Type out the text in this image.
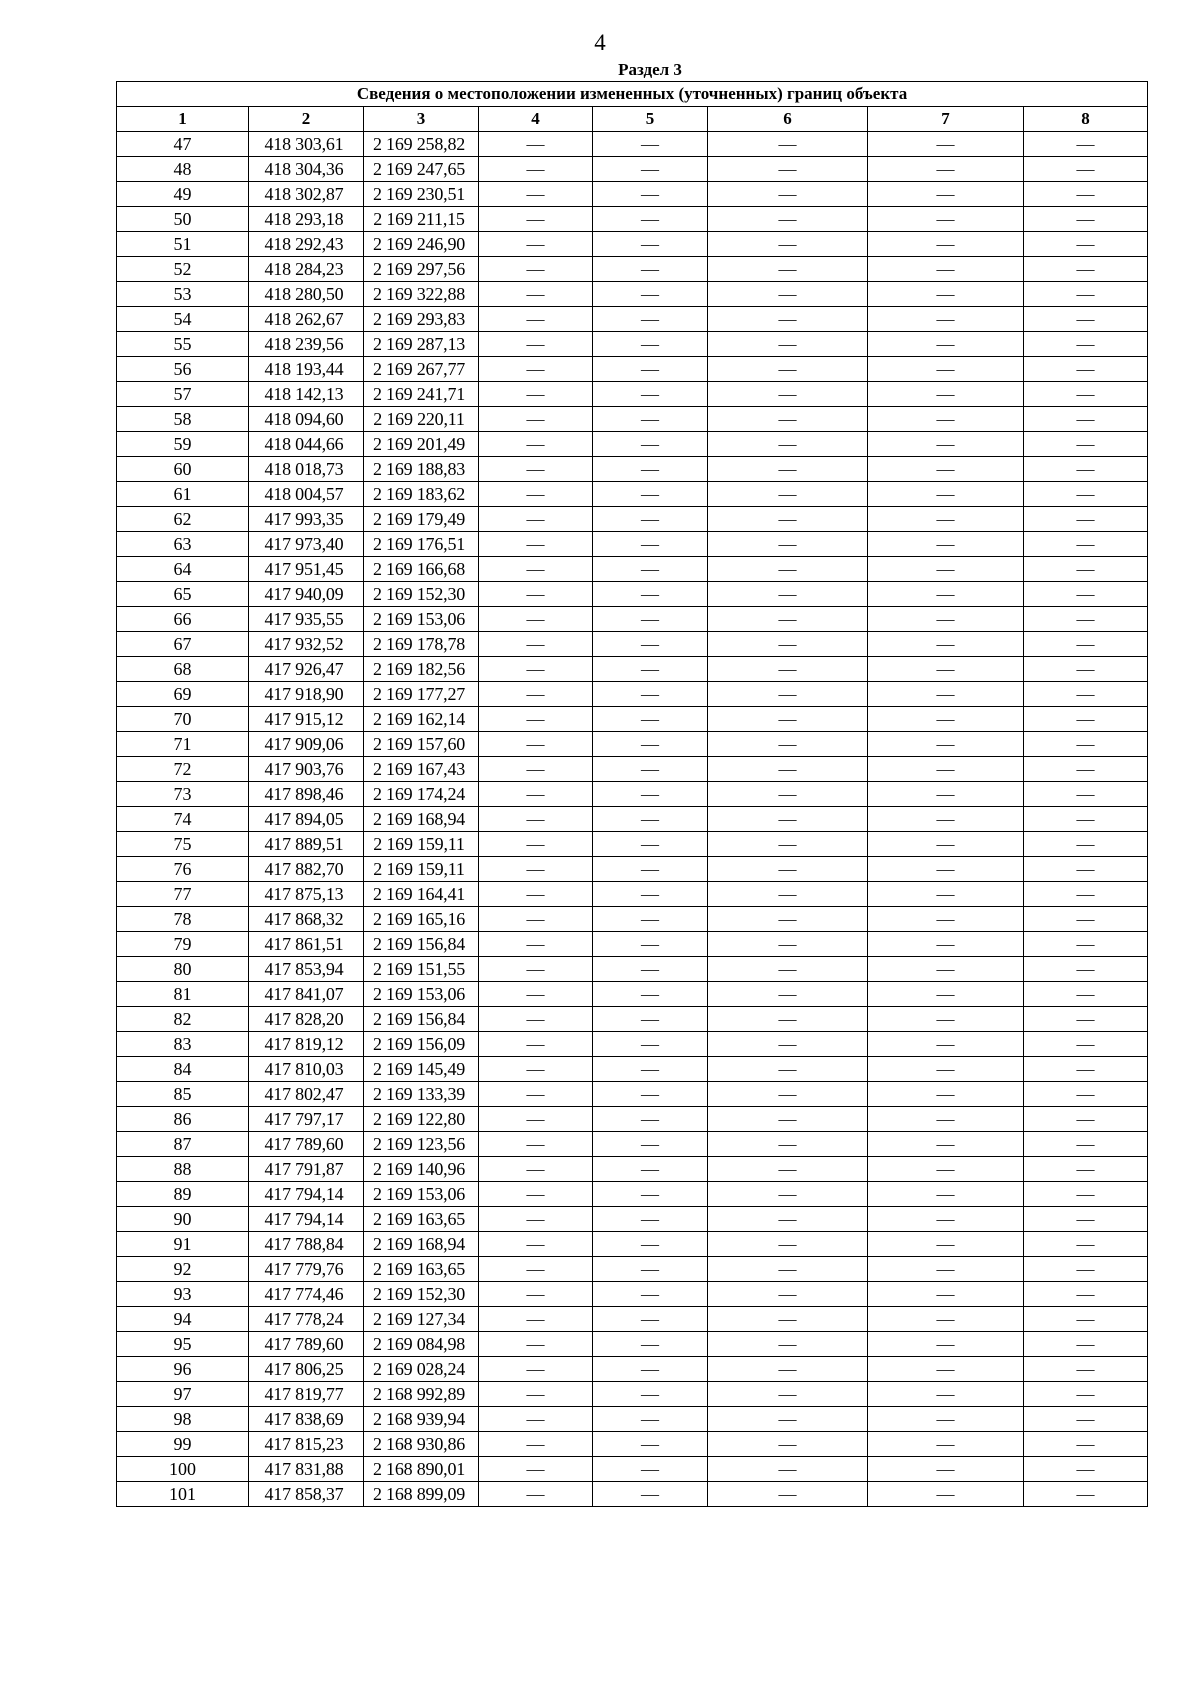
4
Раздел 3
Сведения о местоположении измененных (уточненных) границ объекта							
1	2	3	4	5	6	7	8
47	418 303,61	2 169 258,82	—	—	—	—	—
48	418 304,36	2 169 247,65	—	—	—	—	—
49	418 302,87	2 169 230,51	—	—	—	—	—
50	418 293,18	2 169 211,15	—	—	—	—	—
51	418 292,43	2 169 246,90	—	—	—	—	—
52	418 284,23	2 169 297,56	—	—	—	—	—
53	418 280,50	2 169 322,88	—	—	—	—	—
54	418 262,67	2 169 293,83	—	—	—	—	—
55	418 239,56	2 169 287,13	—	—	—	—	—
56	418 193,44	2 169 267,77	—	—	—	—	—
57	418 142,13	2 169 241,71	—	—	—	—	—
58	418 094,60	2 169 220,11	—	—	—	—	—
59	418 044,66	2 169 201,49	—	—	—	—	—
60	418 018,73	2 169 188,83	—	—	—	—	—
61	418 004,57	2 169 183,62	—	—	—	—	—
62	417 993,35	2 169 179,49	—	—	—	—	—
63	417 973,40	2 169 176,51	—	—	—	—	—
64	417 951,45	2 169 166,68	—	—	—	—	—
65	417 940,09	2 169 152,30	—	—	—	—	—
66	417 935,55	2 169 153,06	—	—	—	—	—
67	417 932,52	2 169 178,78	—	—	—	—	—
68	417 926,47	2 169 182,56	—	—	—	—	—
69	417 918,90	2 169 177,27	—	—	—	—	—
70	417 915,12	2 169 162,14	—	—	—	—	—
71	417 909,06	2 169 157,60	—	—	—	—	—
72	417 903,76	2 169 167,43	—	—	—	—	—
73	417 898,46	2 169 174,24	—	—	—	—	—
74	417 894,05	2 169 168,94	—	—	—	—	—
75	417 889,51	2 169 159,11	—	—	—	—	—
76	417 882,70	2 169 159,11	—	—	—	—	—
77	417 875,13	2 169 164,41	—	—	—	—	—
78	417 868,32	2 169 165,16	—	—	—	—	—
79	417 861,51	2 169 156,84	—	—	—	—	—
80	417 853,94	2 169 151,55	—	—	—	—	—
81	417 841,07	2 169 153,06	—	—	—	—	—
82	417 828,20	2 169 156,84	—	—	—	—	—
83	417 819,12	2 169 156,09	—	—	—	—	—
84	417 810,03	2 169 145,49	—	—	—	—	—
85	417 802,47	2 169 133,39	—	—	—	—	—
86	417 797,17	2 169 122,80	—	—	—	—	—
87	417 789,60	2 169 123,56	—	—	—	—	—
88	417 791,87	2 169 140,96	—	—	—	—	—
89	417 794,14	2 169 153,06	—	—	—	—	—
90	417 794,14	2 169 163,65	—	—	—	—	—
91	417 788,84	2 169 168,94	—	—	—	—	—
92	417 779,76	2 169 163,65	—	—	—	—	—
93	417 774,46	2 169 152,30	—	—	—	—	—
94	417 778,24	2 169 127,34	—	—	—	—	—
95	417 789,60	2 169 084,98	—	—	—	—	—
96	417 806,25	2 169 028,24	—	—	—	—	—
97	417 819,77	2 168 992,89	—	—	—	—	—
98	417 838,69	2 168 939,94	—	—	—	—	—
99	417 815,23	2 168 930,86	—	—	—	—	—
100	417 831,88	2 168 890,01	—	—	—	—	—
101	417 858,37	2 168 899,09	—	—	—	—	—
